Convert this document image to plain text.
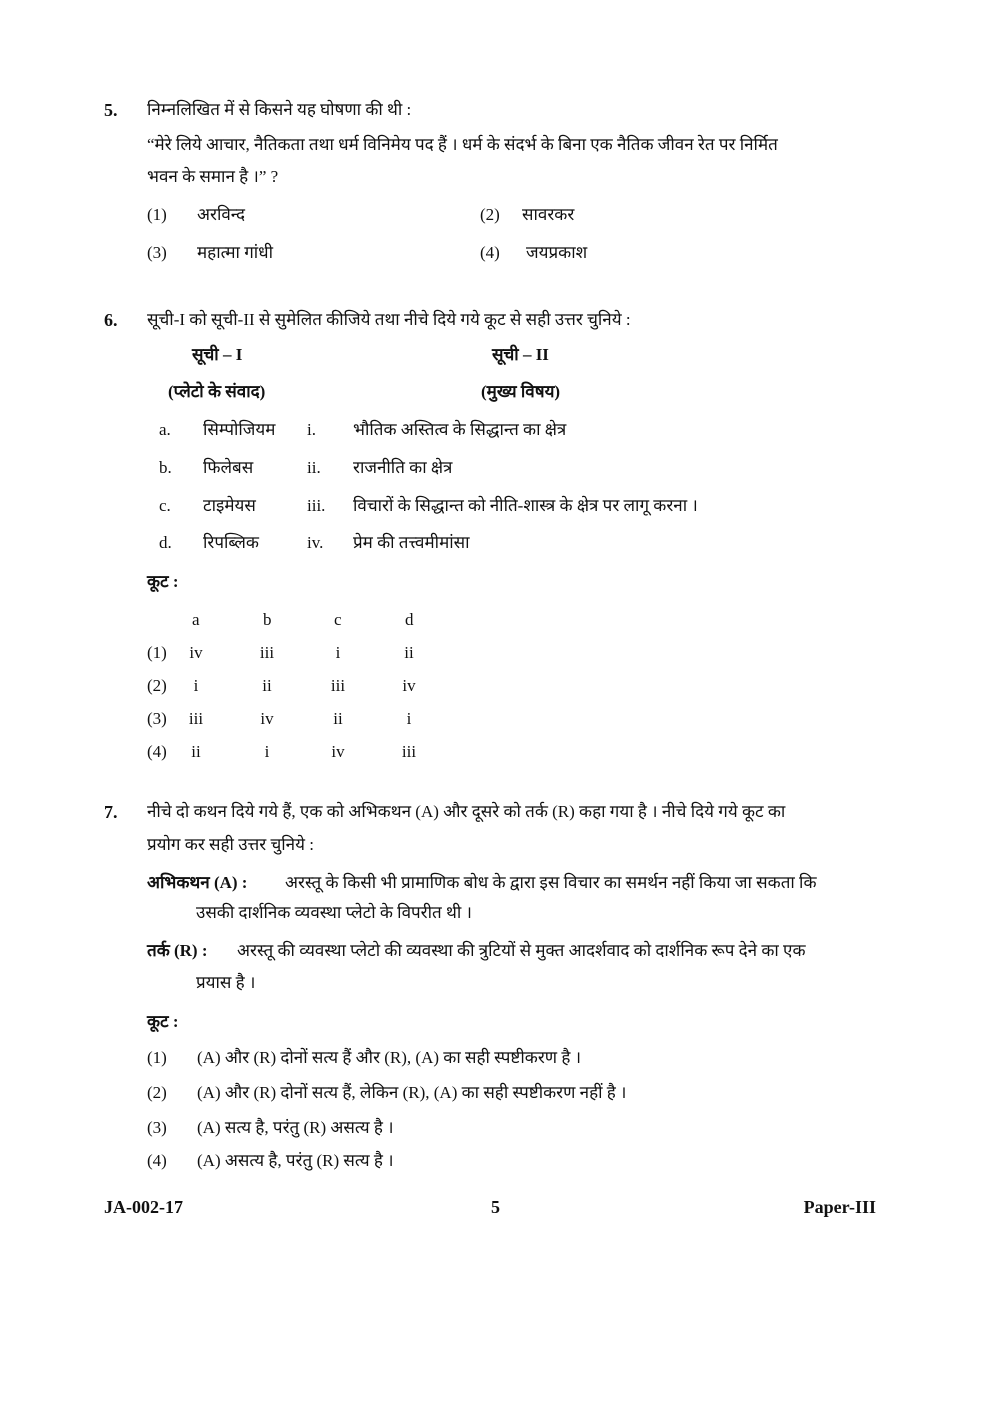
5. निम्नलिखित में से किसने यह घोषणा की थी :
“मेरे लिये आचार, नैतिकता तथा धर्म विनिमेय पद हैं । धर्म के संदर्भ के बिना एक नैतिक जीवन रेत पर निर्मित
भवन के समान है ।” ?
(1) अरविन्द	(2) सावरकर
(3) महात्मा गांधी	(4) जयप्रकाश
6. सूची-I को सूची-II से सुमेलित कीजिये तथा नीचे दिये गये कूट से सही उत्तर चुनिये :
सूची – I
(प्लेटो के संवाद)
सूची – II
(मुख्य विषय)
a. सिम्पोजियम i. भौतिक अस्तित्व के सिद्धान्त का क्षेत्र
b. फिलेबस	ii. राजनीति का क्षेत्र
c. टाइमेयस	iii. विचारों के सिद्धान्त को नीति-शास्त्र के क्षेत्र पर लागू करना ।
d. रिपब्लिक	iv. प्रेम की तत्त्वमीमांसा
कूट :
a	b	c	d
(1) iv	iii	i	ii
(2) i	ii	iii	iv
(3) iii	iv	ii	i
(4) ii	i	iv	iii
7. नीचे दो कथन दिये गये हैं, एक को अभिकथन (A) और दूसरे को तर्क (R) कहा गया है । नीचे दिये गये कूट का
प्रयोग कर सही उत्तर चुनिये :
अभिकथन (A) : अरस्तू के किसी भी प्रामाणिक बोध के द्वारा इस विचार का समर्थन नहीं किया जा सकता कि
उसकी दार्शनिक व्यवस्था प्लेटो के विपरीत थी ।
तर्क (R) : अरस्तू की व्यवस्था प्लेटो की व्यवस्था की त्रुटियों से मुक्त आदर्शवाद को दार्शनिक रूप देने का एक
प्रयास है ।
कूट :
(1) (A) और (R) दोनों सत्य हैं और (R), (A) का सही स्पष्टीकरण है ।
(2) (A) और (R) दोनों सत्य हैं, लेकिन (R), (A) का सही स्पष्टीकरण नहीं है ।
(3) (A) सत्य है, परंतु (R) असत्य है ।
(4) (A) असत्य है, परंतु (R) सत्य है ।
JA-002-17	5	Paper-III
